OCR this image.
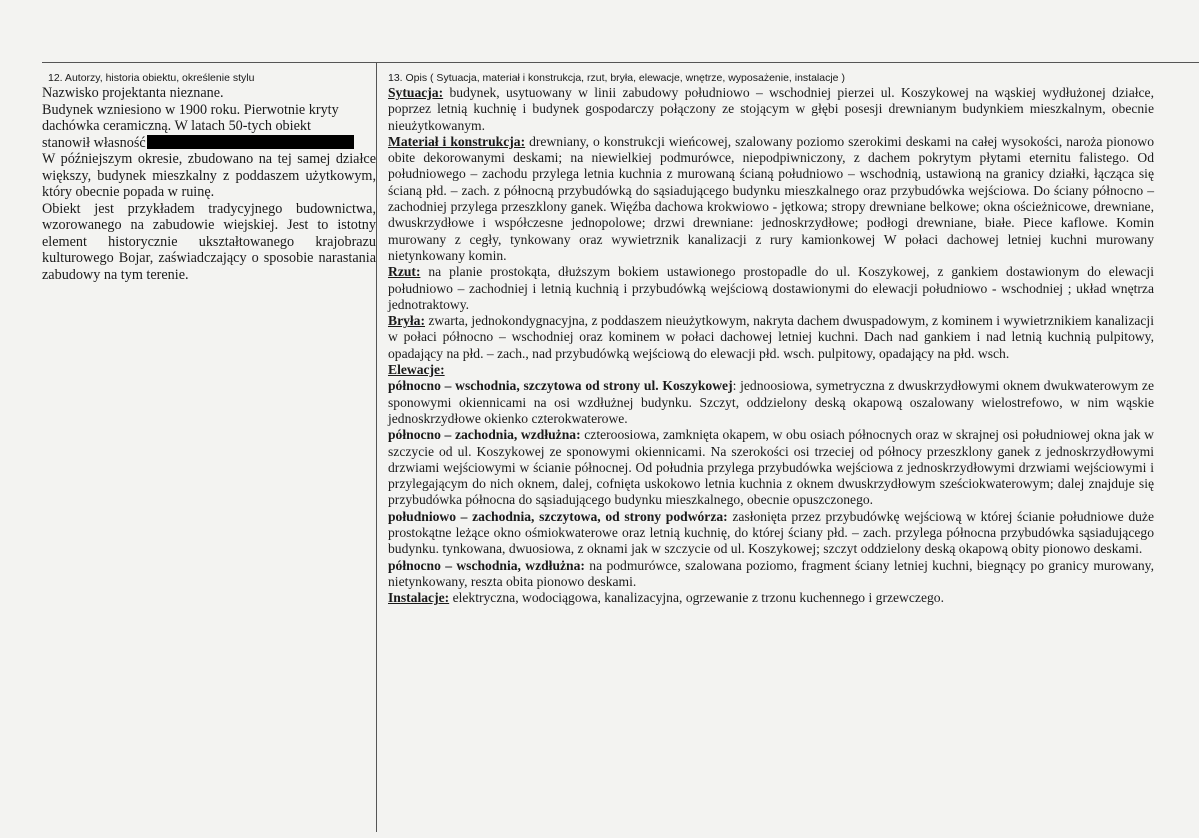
12. Autorzy, historia obiektu, określenie stylu

Nazwisko projektanta nieznane.

Budynek wzniesiono w 1900 roku. Pierwotnie kryty

dachówka ceramiczną. W latach 50-tych obiekt

stanowił własność

W późniejszym okresie, zbudowano na tej samej działce większy, budynek mieszkalny z poddaszem użytkowym, który obecnie popada w ruinę.

Obiekt jest przykładem tradycyjnego budownictwa, wzorowanego na zabudowie wiejskiej. Jest to istotny element historycznie ukształtowanego krajobrazu kulturowego Bojar, zaświadczający o sposobie narastania zabudowy na tym terenie.

13. Opis ( Sytuacja, materiał i konstrukcja, rzut, bryła, elewacje, wnętrze, wyposażenie, instalacje )

Sytuacja: budynek, usytuowany w linii zabudowy południowo – wschodniej pierzei ul. Koszykowej na wąskiej wydłużonej działce, poprzez letnią kuchnię i budynek gospodarczy połączony ze stojącym w głębi posesji drewnianym budynkiem mieszkalnym, obecnie nieużytkowanym.

Materiał i konstrukcja: drewniany, o konstrukcji wieńcowej, szalowany poziomo szerokimi deskami na całej wysokości, naroża pionowo obite dekorowanymi deskami; na niewielkiej podmurówce, niepodpiwniczony, z dachem pokrytym płytami eternitu falistego. Od południowego – zachodu przylega letnia kuchnia z murowaną ścianą południowo – wschodnią, ustawioną na granicy działki, łącząca się ścianą płd. – zach. z północną przybudówką do sąsiadującego budynku mieszkalnego oraz przybudówka wejściowa. Do ściany północno – zachodniej przylega przeszklony ganek. Więźba dachowa krokwiowo - jętkowa; stropy drewniane belkowe; okna ościeżnicowe, drewniane, dwuskrzydłowe i współczesne jednopolowe; drzwi drewniane: jednoskrzydłowe; podłogi drewniane, białe. Piece kaflowe. Komin murowany z cegły, tynkowany oraz wywietrznik kanalizacji z rury kamionkowej W połaci dachowej letniej kuchni murowany nietynkowany komin.

Rzut: na planie prostokąta, dłuższym bokiem ustawionego prostopadle do ul. Koszykowej, z gankiem dostawionym do elewacji południowo – zachodniej i letnią kuchnią i przybudówką wejściową dostawionymi do elewacji południowo - wschodniej ; układ wnętrza jednotraktowy.

Bryła: zwarta, jednokondygnacyjna, z poddaszem nieużytkowym, nakryta dachem dwuspadowym, z kominem i wywietrznikiem kanalizacji w połaci północno – wschodniej oraz kominem w połaci dachowej letniej kuchni. Dach nad gankiem i nad letnią kuchnią pulpitowy, opadający na płd. – zach., nad przybudówką wejściową do elewacji płd. wsch. pulpitowy, opadający na płd. wsch.

Elewacje:

północno – wschodnia, szczytowa od strony ul. Koszykowej: jednoosiowa, symetryczna z dwuskrzydłowymi oknem dwukwaterowym ze sponowymi okiennicami na osi wzdłużnej budynku. Szczyt, oddzielony deską okapową oszalowany wielostrefowo, w nim wąskie jednoskrzydłowe okienko czterokwaterowe.

północno – zachodnia, wzdłużna: czteroosiowa, zamknięta okapem, w obu osiach północnych oraz w skrajnej osi południowej okna jak w szczycie od ul. Koszykowej ze sponowymi okiennicami. Na szerokości osi trzeciej od północy przeszklony ganek z jednoskrzydłowymi drzwiami wejściowymi w ścianie północnej. Od południa przylega przybudówka wejściowa z jednoskrzydłowymi drzwiami wejściowymi i przylegającym do nich oknem, dalej, cofnięta uskokowo letnia kuchnia z oknem dwuskrzydłowym sześciokwaterowym; dalej znajduje się przybudówka północna do sąsiadującego budynku mieszkalnego, obecnie opuszczonego.

południowo – zachodnia, szczytowa, od strony podwórza: zasłonięta przez przybudówkę wejściową w której ścianie południowe duże prostokątne leżące okno ośmiokwaterowe oraz letnią kuchnię, do której ściany płd. – zach. przylega północna przybudówka sąsiadującego budynku. tynkowana, dwuosiowa, z oknami jak w szczycie od ul. Koszykowej; szczyt oddzielony deską okapową obity pionowo deskami.

północno – wschodnia, wzdłużna: na podmurówce, szalowana poziomo, fragment ściany letniej kuchni, biegnący po granicy murowany, nietynkowany, reszta obita pionowo deskami.

Instalacje: elektryczna, wodociągowa, kanalizacyjna, ogrzewanie z trzonu kuchennego i grzewczego.
